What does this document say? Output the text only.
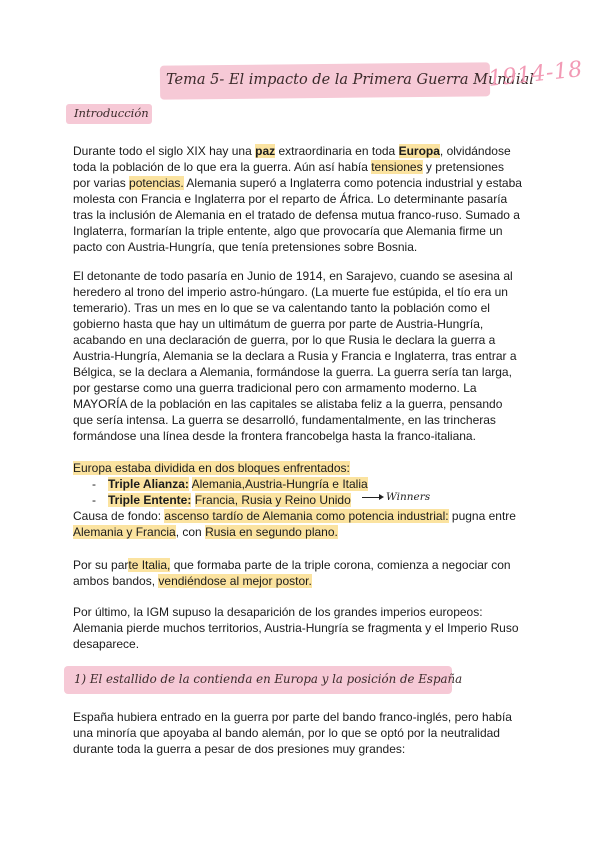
Tema 5- El impacto de la Primera Guerra Mundial
1914-18
Introducción
Durante todo el siglo XIX hay una paz extraordinaria en toda Europa, olvidándose
toda la población de lo que era la guerra. Aún así había tensiones y pretensiones
por varias potencias. Alemania superó a Inglaterra como potencia industrial y estaba
molesta con Francia e Inglaterra por el reparto de África. Lo determinante pasaría
tras la inclusión de Alemania en el tratado de defensa mutua franco-ruso. Sumado a
Inglaterra, formarían la triple entente, algo que provocaría que Alemania firme un
pacto con Austria-Hungría, que tenía pretensiones sobre Bosnia.
El detonante de todo pasaría en Junio de 1914, en Sarajevo, cuando se asesina al
heredero al trono del imperio astro-húngaro. (La muerte fue estúpida, el tío era un
temerario). Tras un mes en lo que se va calentando tanto la población como el
gobierno hasta que hay un ultimátum de guerra por parte de Austria-Hungría,
acabando en una declaración de guerra, por lo que Rusia le declara la guerra a
Austria-Hungría, Alemania se la declara a Rusia y Francia e Inglaterra, tras entrar a
Bélgica, se la declara a Alemania, formándose la guerra. La guerra sería tan larga,
por gestarse como una guerra tradicional pero con armamento moderno. La
MAYORÍA de la población en las capitales se alistaba feliz a la guerra, pensando
que sería intensa. La guerra se desarrolló, fundamentalmente, en las trincheras
formándose una línea desde la frontera francobelga hasta la franco-italiana.
Europa estaba dividida en dos bloques enfrentados:
- Triple Alianza: Alemania,Austria-Hungría e Italia
- Triple Entente: Francia, Rusia y Reino Unido	Winners
Causa de fondo: ascenso tardío de Alemania como potencia industrial: pugna entre
Alemania y Francia, con Rusia en segundo plano.
Por su parte Italia, que formaba parte de la triple corona, comienza a negociar con
ambos bandos, vendiéndose al mejor postor.
Por último, la IGM supuso la desaparición de los grandes imperios europeos:
Alemania pierde muchos territorios, Austria-Hungría se fragmenta y el Imperio Ruso
desaparece.
1) El estallido de la contienda en Europa y la posición de España
España hubiera entrado en la guerra por parte del bando franco-inglés, pero había
una minoría que apoyaba al bando alemán, por lo que se optó por la neutralidad
durante toda la guerra a pesar de dos presiones muy grandes:
